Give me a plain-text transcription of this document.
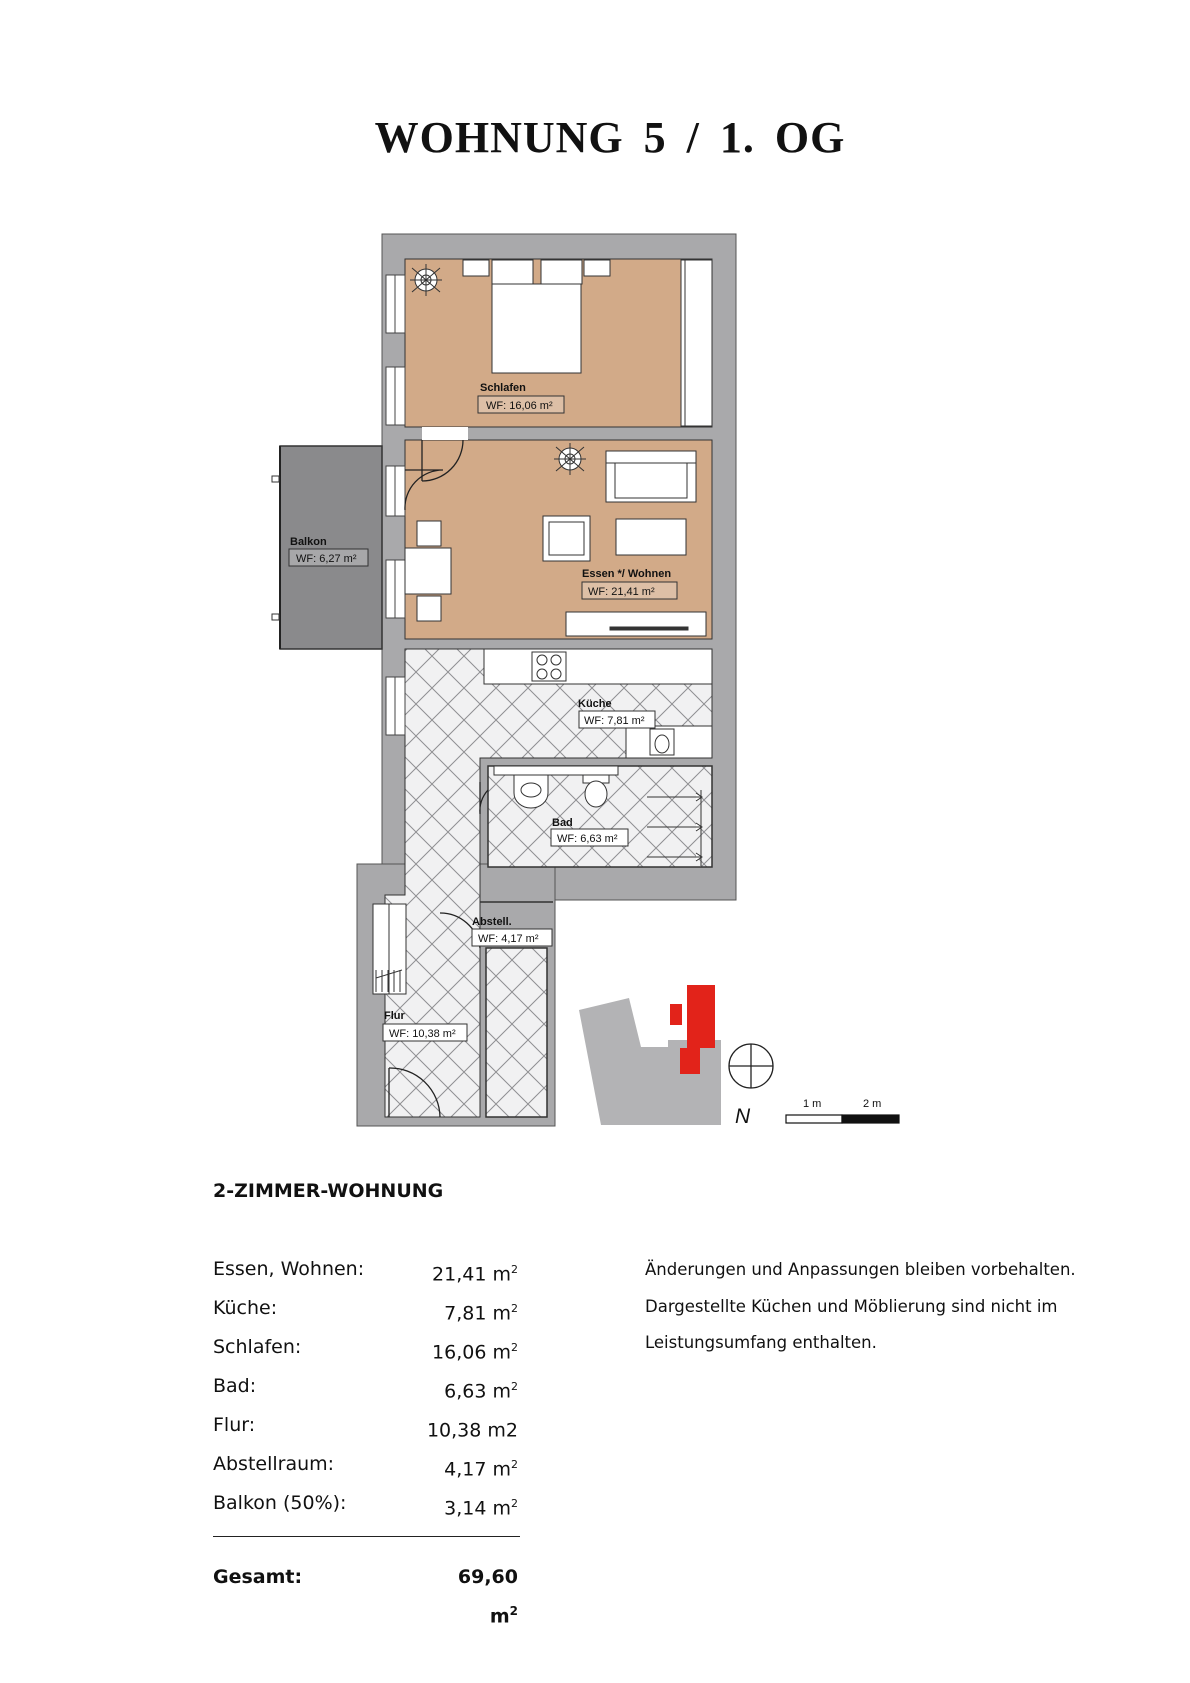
WOHNUNG 5 / 1. OG
Schlafen
WF: 16,06 m²
Essen */ Wohnen
WF: 21,41 m²
Küche
WF: 7,81 m²
Bad
WF: 6,63 m²
Abstell.
WF: 4,17 m²
Flur
WF: 10,38 m²
Balkon
WF: 6,27 m²
N
1 m	2 m
2-ZIMMER-WOHNUNG
Essen, Wohnen:	21,41 $m^2$
Küche:	7,81 $m^2$
Schlafen:	16,06 $m^2$
Bad:	6,63 $m^2$
Flur:	10,38 m2
Abstellraum:	4,17 $m^2$
Balkon (50%):	3,14 $m^2$
Gesamt:	69,60 $m^2$
Änderungen und Anpassungen bleiben vorbehalten.
Dargestellte Küchen und Möblierung sind nicht im
Leistungsumfang enthalten.
